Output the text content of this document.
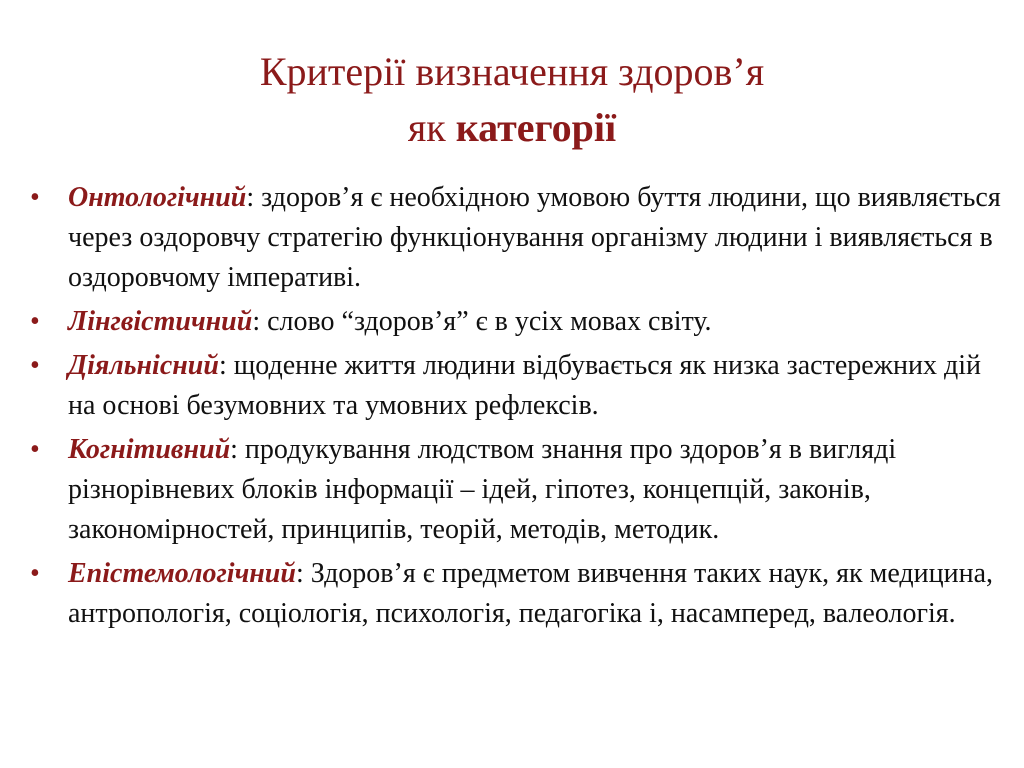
Критерії визначення здоров’я
як категорії
• Онтологічний: здоров’я є необхідною умовою буття людини, що виявляється через оздоровчу стратегію функціонування організму людини і виявляється в оздоровчому імперативі.
• Лінгвістичний: слово “здоров’я” є в усіх мовах світу.
• Діяльнісний: щоденне життя людини відбувається як низка застережних дій на основі безумовних та умовних рефлексів.
• Когнітивний: продукування людством знання про здоров’я в вигляді різнорівневих блоків інформації – ідей, гіпотез, концепцій, законів, закономірностей, принципів, теорій, методів, методик.
• Епістемологічний: Здоров’я є предметом вивчення таких наук, як медицина, антропологія, соціологія, психологія, педагогіка і, насамперед, валеологія.
